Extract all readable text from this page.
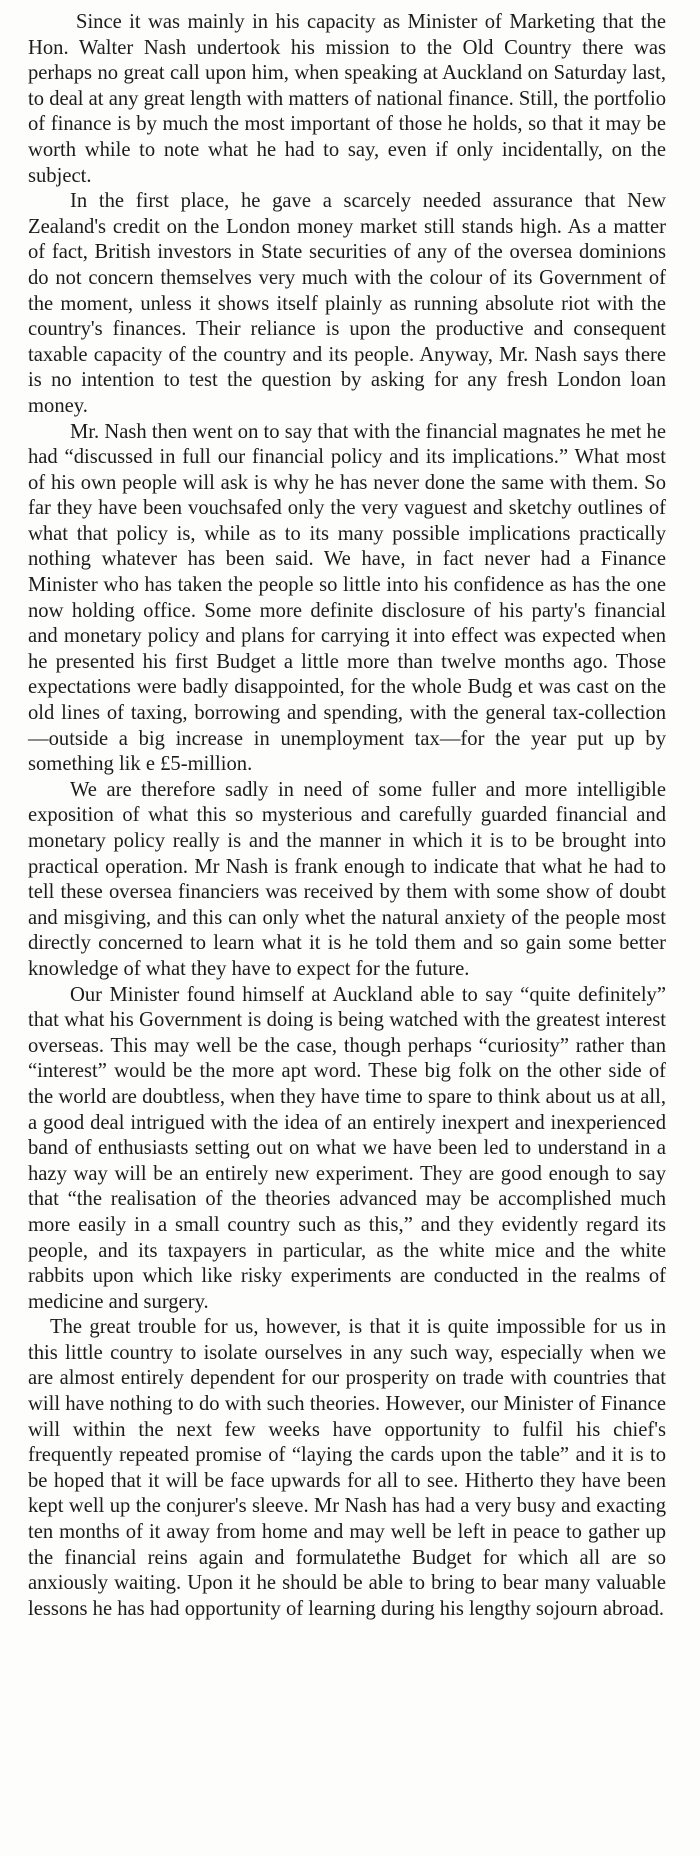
Since it was mainly in his capacity as Minister of Marketing that the Hon. Walter Nash undertook his mission to the Old Country there was perhaps no great call upon him, when speaking at Auckland on Saturday last, to deal at any great length with matters of national finance. Still, the portfolio of finance is by much the most important of those he holds, so that it may be worth while to note what he had to say, even if only incidentally, on the subject.

In the first place, he gave a scarcely needed assurance that New Zealand's credit on the London money market still stands high. As a matter of fact, British investors in State securities of any of the oversea dominions do not concern themselves very much with the colour of its Government of the moment, unless it shows itself plainly as running absolute riot with the country's finances. Their reliance is upon the productive and consequent taxable capacity of the country and its people. Anyway, Mr. Nash says there is no intention to test the question by asking for any fresh London loan money.

Mr. Nash then went on to say that with the financial magnates he met he had “discussed in full our financial policy and its implications.” What most of his own people will ask is why he has never done the same with them. So far they have been vouchsafed only the very vaguest and sketchy outlines of what that policy is, while as to its many possible implications practically nothing whatever has been said. We have, in fact never had a Finance Minister who has taken the people so little into his confidence as has the one now holding office. Some more definite disclosure of his party's financial and monetary policy and plans for carrying it into effect was expected when he presented his first Budget a little more than twelve months ago. Those expectations were badly disappointed, for the whole Budg et was cast on the old lines of taxing, borrowing and spending, with the general tax-collection—outside a big increase in unemployment tax—for the year put up by something lik e £5-million.

We are therefore sadly in need of some fuller and more intelligible exposition of what this so mysterious and carefully guarded financial and monetary policy really is and the manner in which it is to be brought into practical operation. Mr Nash is frank enough to indicate that what he had to tell these oversea financiers was received by them with some show of doubt and misgiving, and this can only whet the natural anxiety of the people most directly concerned to learn what it is he told them and so gain some better knowledge of what they have to expect for the future.

Our Minister found himself at Auckland able to say “quite definitely” that what his Government is doing is being watched with the greatest interest overseas. This may well be the case, though perhaps “curiosity” rather than “interest” would be the more apt word. These big folk on the other side of the world are doubtless, when they have time to spare to think about us at all, a good deal intrigued with the idea of an entirely inexpert and inexperienced band of enthusiasts setting out on what we have been led to understand in a hazy way will be an entirely new experiment. They are good enough to say that “the realisation of the theories advanced may be accomplished much more easily in a small country such as this,” and they evidently regard its people, and its taxpayers in particular, as the white mice and the white rabbits upon which like risky experiments are conducted in the realms of medicine and surgery.

The great trouble for us, however, is that it is quite impossible for us in this little country to isolate ourselves in any such way, especially when we are almost entirely dependent for our prosperity on trade with countries that will have nothing to do with such theories. However, our Minister of Finance will within the next few weeks have opportunity to fulfil his chief's frequently repeated promise of “laying the cards upon the table” and it is to be hoped that it will be face upwards for all to see. Hitherto they have been kept well up the conjurer's sleeve. Mr Nash has had a very busy and exacting ten months of it away from home and may well be left in peace to gather up the financial reins again and formulatethe Budget for which all are so anxiously waiting. Upon it he should be able to bring to bear many valuable lessons he has had opportunity of learning during his lengthy sojourn abroad.
